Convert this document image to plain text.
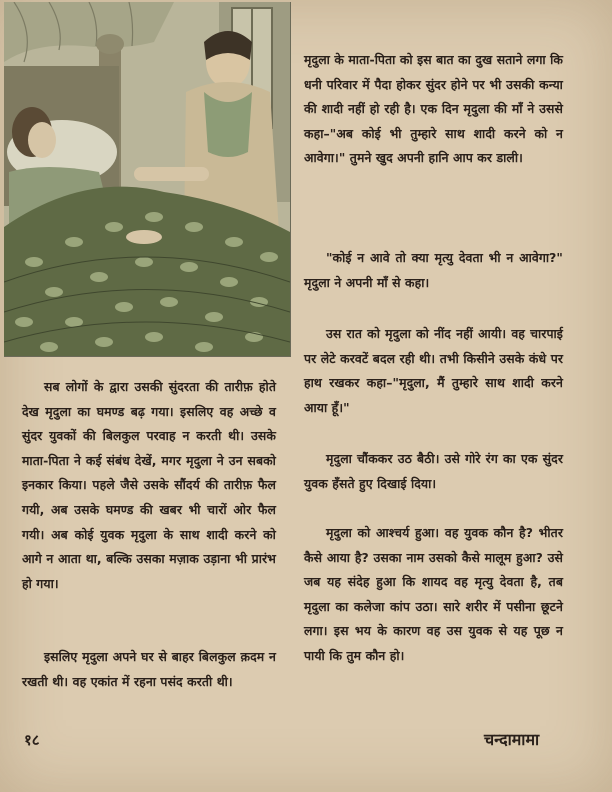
मृदुला के माता-पिता को इस बात का दुख सताने लगा कि धनी परिवार में पैदा होकर सुंदर होने पर भी उसकी कन्या की शादी नहीं हो रही है। एक दिन मृदुला की माँ ने उससे कहा–"अब कोई भी तुम्हारे साथ शादी करने को न आवेगा।" तुमने खुद अपनी हानि आप कर डाली।

"कोई न आवे तो क्या मृत्यु देवता भी न आवेगा?" मृदुला ने अपनी माँ से कहा।

उस रात को मृदुला को नींद नहीं आयी। वह चारपाई पर लेटे करवटें बदल रही थी। तभी किसीने उसके कंधे पर हाथ रखकर कहा–"मृदुला, मैं तुम्हारे साथ शादी करने आया हूँ।"

मृदुला चौंककर उठ बैठी। उसे गोरे रंग का एक सुंदर युवक हँसते हुए दिखाई दिया।

मृदुला को आश्चर्य हुआ। वह युवक कौन है? भीतर कैसे आया है? उसका नाम उसको कैसे मालूम हुआ? उसे जब यह संदेह हुआ कि शायद वह मृत्यु देवता है, तब मृदुला का कलेजा कांप उठा। सारे शरीर में पसीना छूटने लगा। इस भय के कारण वह उस युवक से यह पूछ न पायी कि तुम कौन हो।

सब लोगों के द्वारा उसकी सुंदरता की तारीफ़ होते देख मृदुला का घमण्ड बढ़ गया। इसलिए वह अच्छे व सुंदर युवकों की बिलकुल परवाह न करती थी। उसके माता-पिता ने कई संबंध देखें, मगर मृदुला ने उन सबको इनकार किया। पहले जैसे उसके सौंदर्य की तारीफ़ फैल गयी, अब उसके घमण्ड की खबर भी चारों ओर फैल गयी। अब कोई युवक मृदुला के साथ शादी करने को आगे न आता था, बल्कि उसका मज़ाक उड़ाना भी प्रारंभ हो गया।

इसलिए मृदुला अपने घर से बाहर बिलकुल क़दम न रखती थी। वह एकांत में रहना पसंद करती थी।

१८	चन्दामामा
